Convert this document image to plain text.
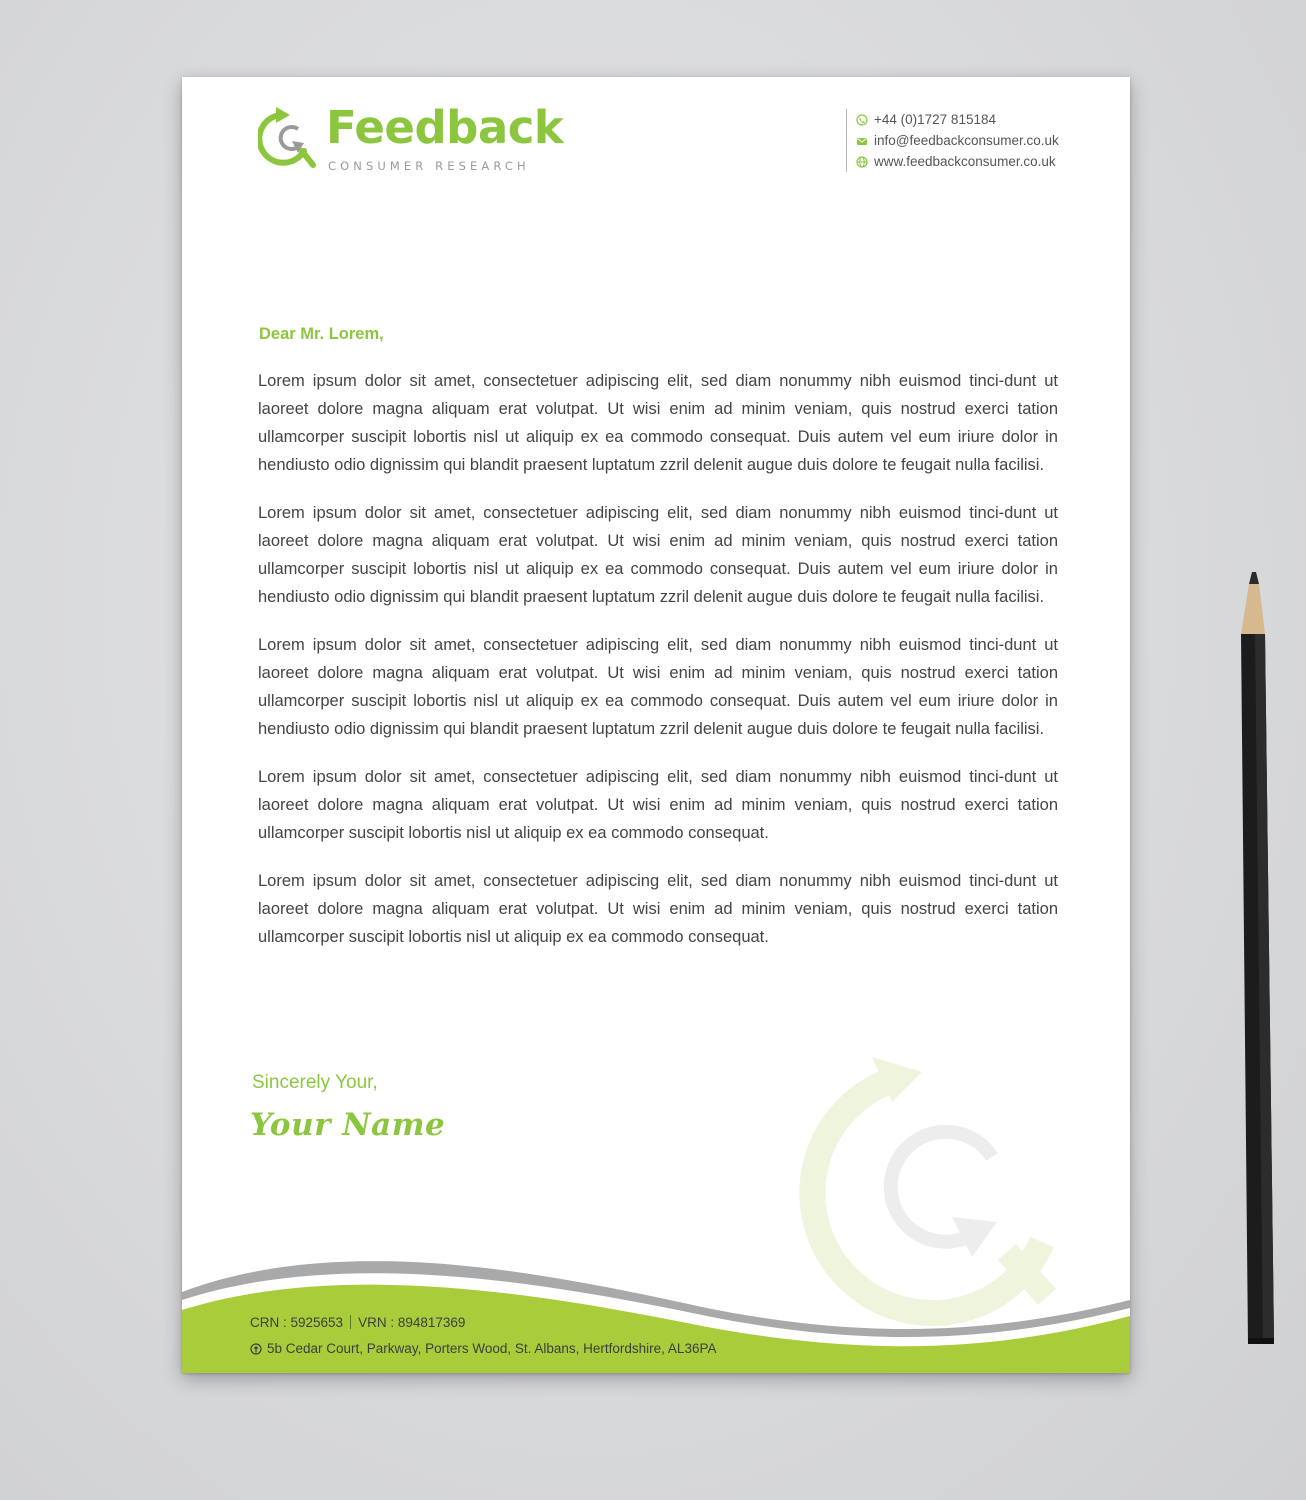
Feedback
CONSUMER RESEARCH
+44 (0)1727 815184
info@feedbackconsumer.co.uk
www.feedbackconsumer.co.uk
Dear Mr. Lorem,

Lorem ipsum dolor sit amet, consectetuer adipiscing elit, sed diam nonummy nibh euismod tinci-dunt ut laoreet dolore magna aliquam erat volutpat. Ut wisi enim ad minim veniam, quis nostrud exerci tation ullamcorper suscipit lobortis nisl ut aliquip ex ea commodo consequat. Duis autem vel eum iriure dolor in hendiusto odio dignissim qui blandit praesent luptatum zzril delenit augue duis dolore te feugait nulla facilisi.

Lorem ipsum dolor sit amet, consectetuer adipiscing elit, sed diam nonummy nibh euismod tinci-dunt ut laoreet dolore magna aliquam erat volutpat. Ut wisi enim ad minim veniam, quis nostrud exerci tation ullamcorper suscipit lobortis nisl ut aliquip ex ea commodo consequat. Duis autem vel eum iriure dolor in hendiusto odio dignissim qui blandit praesent luptatum zzril delenit augue duis dolore te feugait nulla facilisi.

Lorem ipsum dolor sit amet, consectetuer adipiscing elit, sed diam nonummy nibh euismod tinci-dunt ut laoreet dolore magna aliquam erat volutpat. Ut wisi enim ad minim veniam, quis nostrud exerci tation ullamcorper suscipit lobortis nisl ut aliquip ex ea commodo consequat. Duis autem vel eum iriure dolor in hendiusto odio dignissim qui blandit praesent luptatum zzril delenit augue duis dolore te feugait nulla facilisi.

Lorem ipsum dolor sit amet, consectetuer adipiscing elit, sed diam nonummy nibh euismod tinci-dunt ut laoreet dolore magna aliquam erat volutpat. Ut wisi enim ad minim veniam, quis nostrud exerci tation ullamcorper suscipit lobortis nisl ut aliquip ex ea commodo consequat.

Lorem ipsum dolor sit amet, consectetuer adipiscing elit, sed diam nonummy nibh euismod tinci-dunt ut laoreet dolore magna aliquam erat volutpat. Ut wisi enim ad minim veniam, quis nostrud exerci tation ullamcorper suscipit lobortis nisl ut aliquip ex ea commodo consequat.

Sincerely Your,
Your Name
CRN : 5925653 VRN : 894817369
5b Cedar Court, Parkway, Porters Wood, St. Albans, Hertfordshire, AL36PA
